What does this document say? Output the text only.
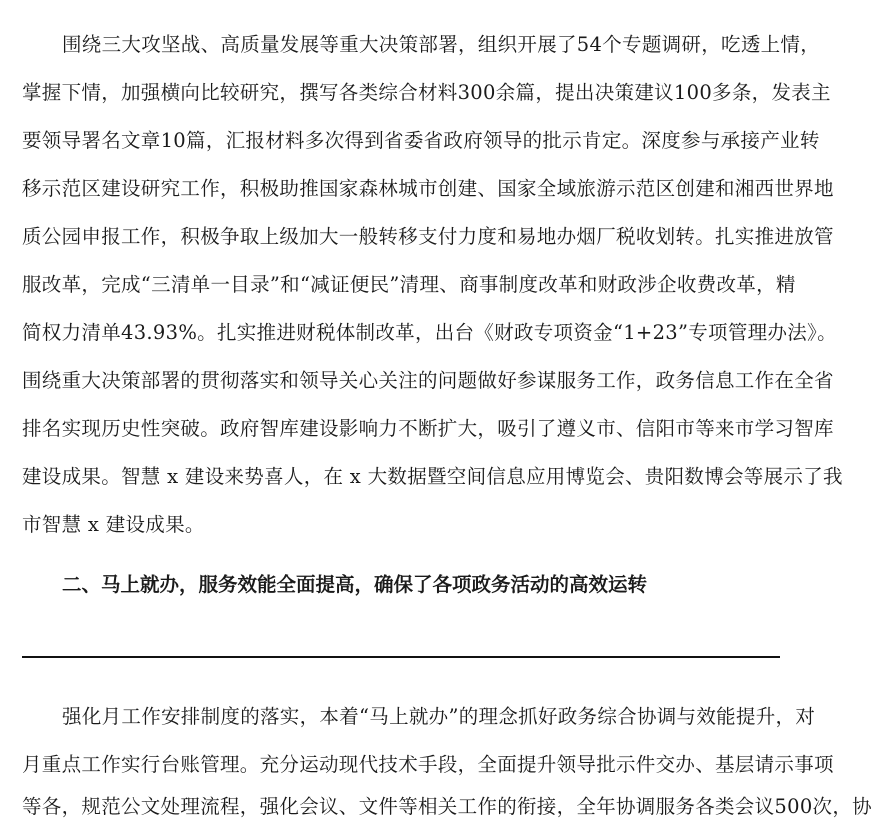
围绕三大攻坚战、高质量发展等重大决策部署，组织开展了54个专题调研，吃透上情，
掌握下情，加强横向比较研究，撰写各类综合材料300余篇，提出决策建议100多条，发表主
要领导署名文章10篇，汇报材料多次得到省委省政府领导的批示肯定。深度参与承接产业转
移示范区建设研究工作，积极助推国家森林城市创建、国家全域旅游示范区创建和湘西世界地
质公园申报工作，积极争取上级加大一般转移支付力度和易地办烟厂税收划转。扎实推进放管
服改革，完成“三清单一目录”和“减证便民”清理、商事制度改革和财政涉企收费改革，精
简权力清单43.93%。扎实推进财税体制改革，出台《财政专项资金“1+23”专项管理办法》。
围绕重大决策部署的贯彻落实和领导关心关注的问题做好参谋服务工作，政务信息工作在全省
排名实现历史性突破。政府智库建设影响力不断扩大，吸引了遵义市、信阳市等来市学习智库
建设成果。智慧 x 建设来势喜人，在 x 大数据暨空间信息应用博览会、贵阳数博会等展示了我
市智慧 x 建设成果。
二、马上就办，服务效能全面提高，确保了各项政务活动的高效运转
强化月工作安排制度的落实，本着“马上就办”的理念抓好政务综合协调与效能提升，对
月重点工作实行台账管理。充分运动现代技术手段，全面提升领导批示件交办、基层请示事项
等各，规范公文处理流程，强化会议、文件等相关工作的衔接，全年协调服务各类会议500次，协
